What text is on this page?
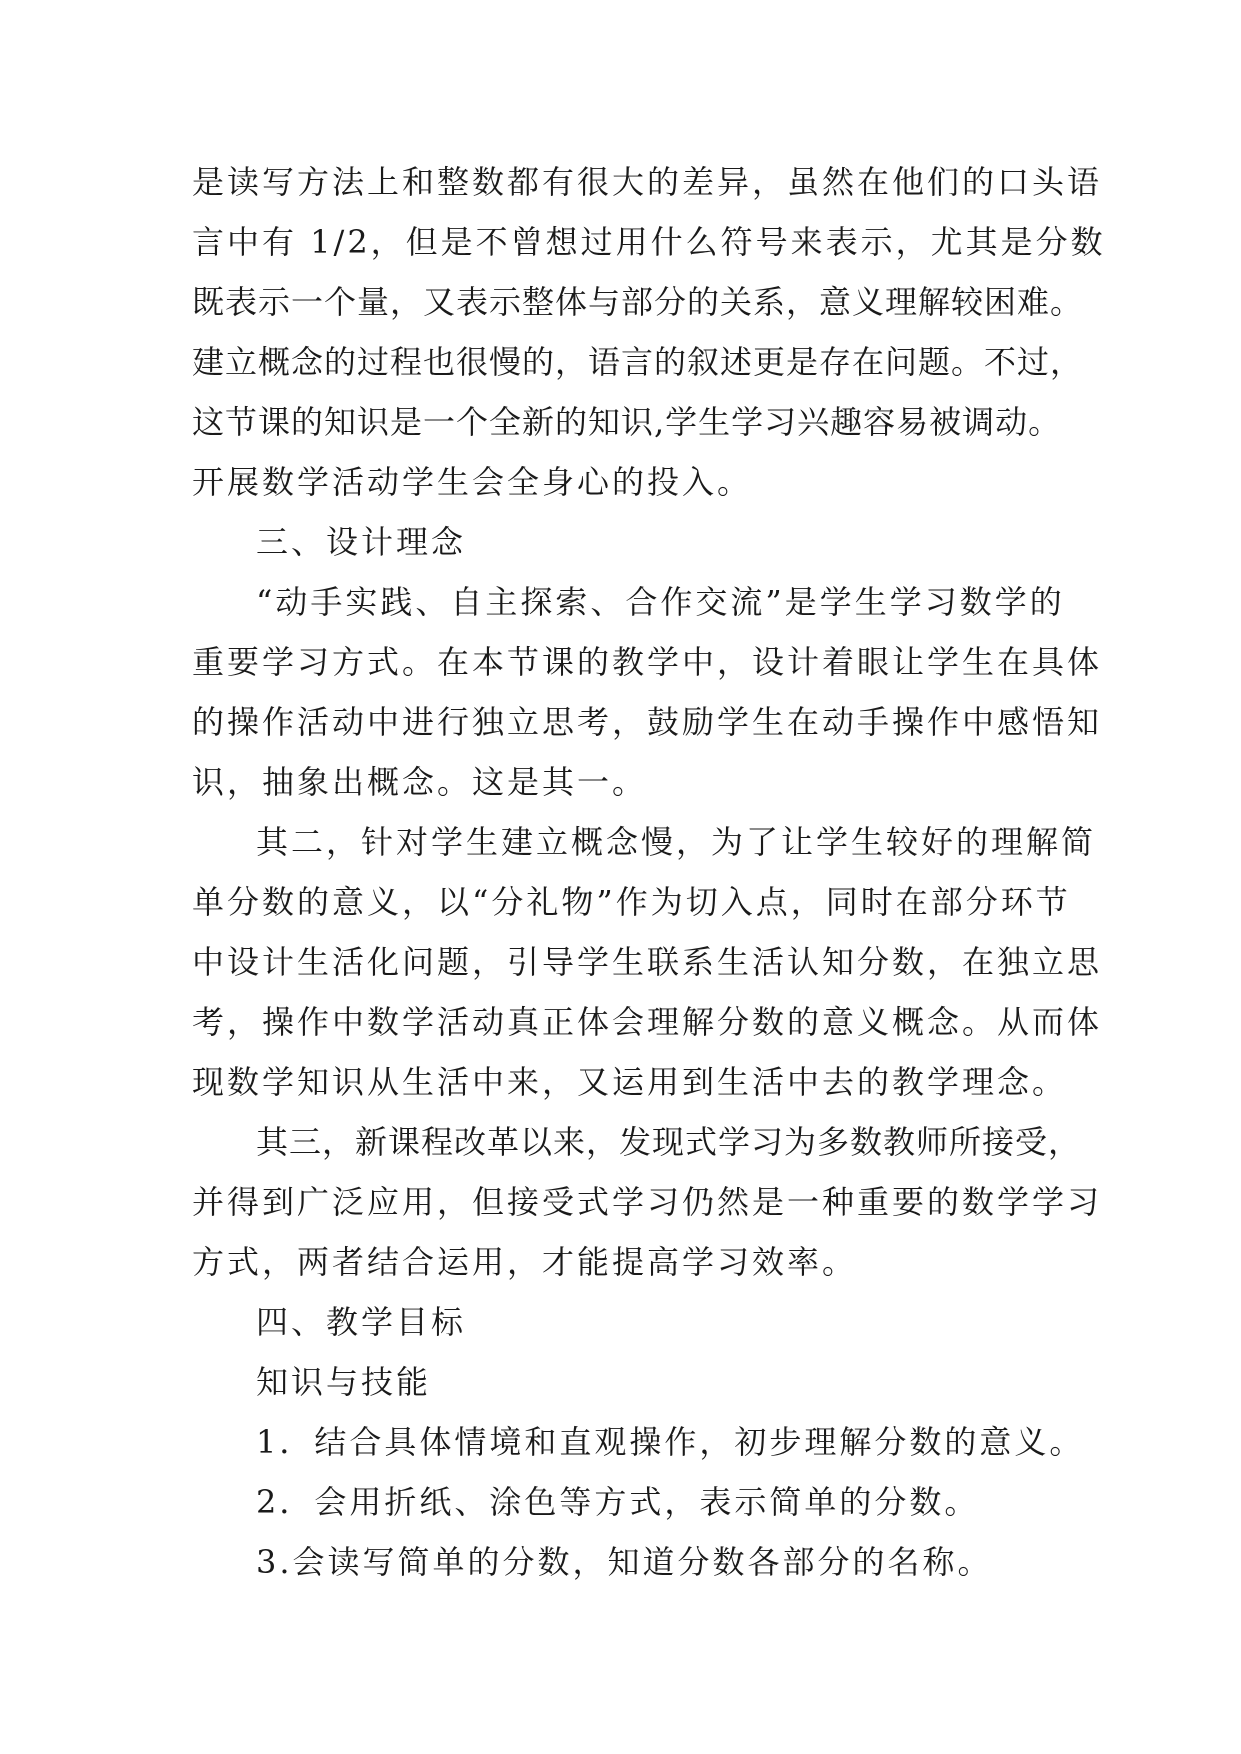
是读写方法上和整数都有很大的差异，虽然在他们的口头语
言中有 1/2，但是不曾想过用什么符号来表示，尤其是分数
既表示一个量，又表示整体与部分的关系，意义理解较困难。
建立概念的过程也很慢的，语言的叙述更是存在问题。不过，
这节课的知识是一个全新的知识,学生学习兴趣容易被调动。
开展数学活动学生会全身心的投入。
三、设计理念
“动手实践、自主探索、合作交流”是学生学习数学的
重要学习方式。在本节课的教学中，设计着眼让学生在具体
的操作活动中进行独立思考，鼓励学生在动手操作中感悟知
识，抽象出概念。这是其一。
其二，针对学生建立概念慢，为了让学生较好的理解简
单分数的意义，以“分礼物”作为切入点，同时在部分环节
中设计生活化问题，引导学生联系生活认知分数，在独立思
考，操作中数学活动真正体会理解分数的意义概念。从而体
现数学知识从生活中来，又运用到生活中去的教学理念。
其三，新课程改革以来，发现式学习为多数教师所接受，
并得到广泛应用，但接受式学习仍然是一种重要的数学学习
方式，两者结合运用，才能提高学习效率。
四、教学目标
知识与技能
1．结合具体情境和直观操作，初步理解分数的意义。
2．会用折纸、涂色等方式，表示简单的分数。
3.会读写简单的分数，知道分数各部分的名称。
